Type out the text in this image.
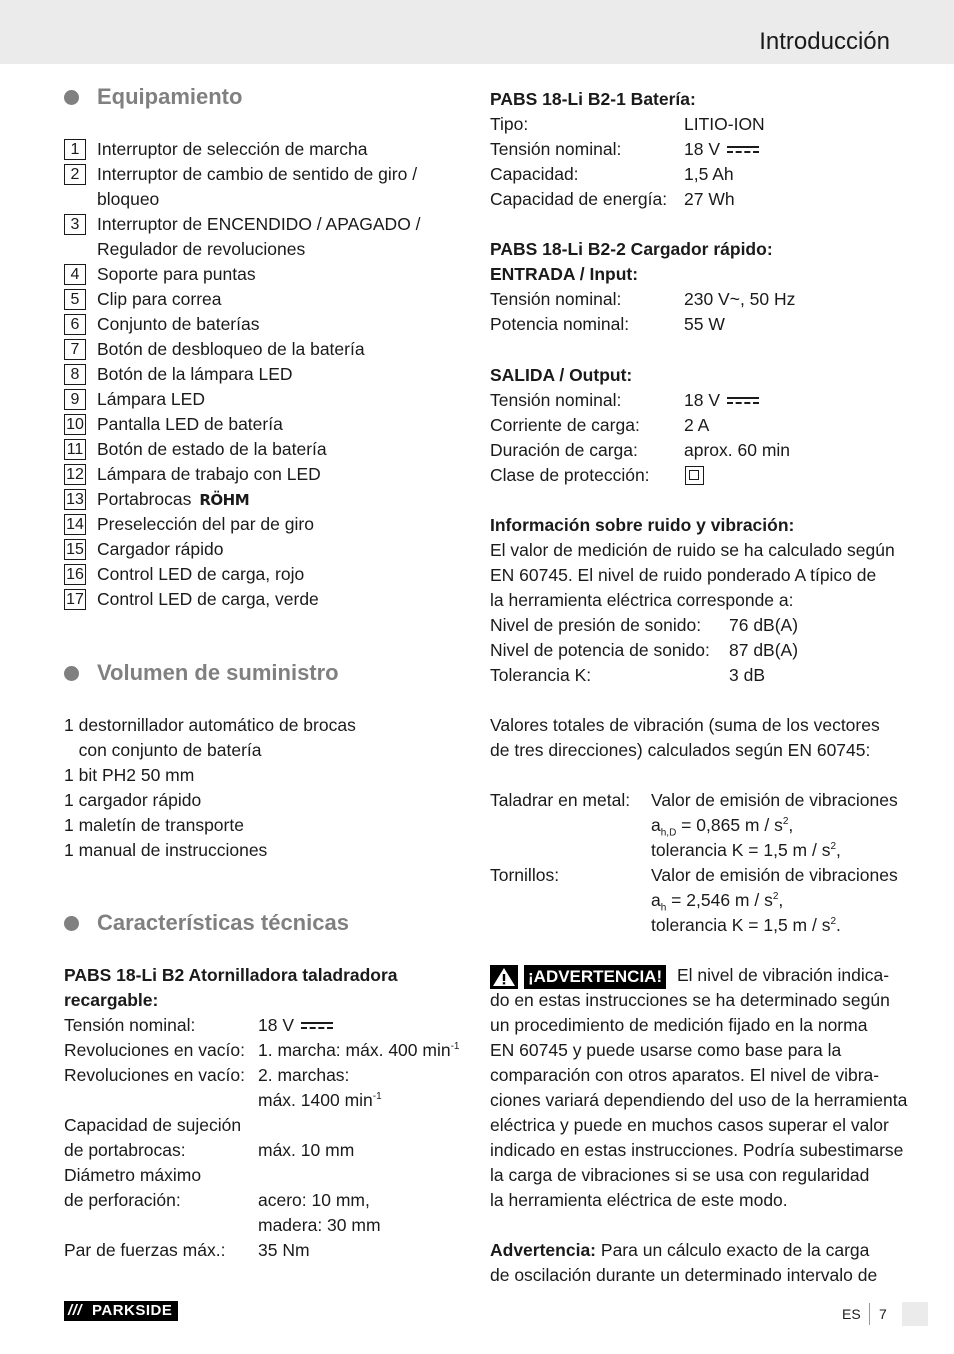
Introducción
Equipamiento
1	Interruptor de selección de marcha
2	Interruptor de cambio de sentido de giro /
bloqueo
3	Interruptor de ENCENDIDO / APAGADO /
Regulador de revoluciones
4	Soporte para puntas
5	Clip para correa
6	Conjunto de baterías
7	Botón de desbloqueo de la batería
8	Botón de la lámpara LED
9	Lámpara LED
10 Pantalla LED de batería
11 Botón de estado de la batería
12 Lámpara de trabajo con LED
13 Portabrocas RÖHM
14 Preselección del par de giro
15 Cargador rápido
16 Control LED de carga, rojo
17 Control LED de carga, verde
Volumen de suministro
1 destornillador automático de brocas
con conjunto de batería
1 bit PH2 50 mm
1 cargador rápido
1 maletín de transporte
1 manual de instrucciones
Características técnicas
PABS 18-Li B2 Atornilladora taladradora
recargable:
Tensión nominal:	18 V
Revoluciones en vacío: 1. marcha: máx. 400 $\min^{-1}$
Revoluciones en vacío: 2. marchas:
máx. 1400 $\min^{-1}$
Capacidad de sujeción
de portabrocas:	máx. 10 mm
Diámetro máximo
de perforación:	acero: 10 mm,
madera: 30 mm
Par de fuerzas máx.: 35 Nm
PABS 18-Li B2-1 Batería:
Tipo:	LITIO-ION
Tensión nominal:	18 V
Capacidad:	1,5 Ah
Capacidad de energía: 27 Wh
PABS 18-Li B2-2 Cargador rápido:
ENTRADA / Input:
Tensión nominal:	230 V~, 50 Hz
Potencia nominal:	55 W
SALIDA / Output:
Tensión nominal:	18 V
Corriente de carga:	2 A
Duración de carga:	aprox. 60 min
Clase de protección:
Información sobre ruido y vibración:
El valor de medición de ruido se ha calculado según
EN 60745. El nivel de ruido ponderado A típico de
la herramienta eléctrica corresponde a:
Nivel de presión de sonido: 76 dB(A)
Nivel de potencia de sonido: 87 dB(A)
Tolerancia K:	3 dB
Valores totales de vibración (suma de los vectores
de tres direcciones) calculados según EN 60745:
Taladrar en metal: Valor de emisión de vibraciones
$a_{h,D} = 0,865$ m / $s^2$,
tolerancia K = 1,5 m / $s^2$,
Tornillos:	Valor de emisión de vibraciones
$a_h = 2,546$ m / $s^2$,
tolerancia K = 1,5 m / $s^2$.
¡ADVERTENCIA! El nivel de vibración indica-
do en estas instrucciones se ha determinado según
un procedimiento de medición fijado en la norma
EN 60745 y puede usarse como base para la
comparación con otros aparatos. El nivel de vibra-
ciones variará dependiendo del uso de la herramienta
eléctrica y puede en muchos casos superar el valor
indicado en estas instrucciones. Podría subestimarse
la carga de vibraciones si se usa con regularidad
la herramienta eléctrica de este modo.
Advertencia: Para un cálculo exacto de la carga
de oscilación durante un determinado intervalo de
/// PARKSIDE	ES 7
